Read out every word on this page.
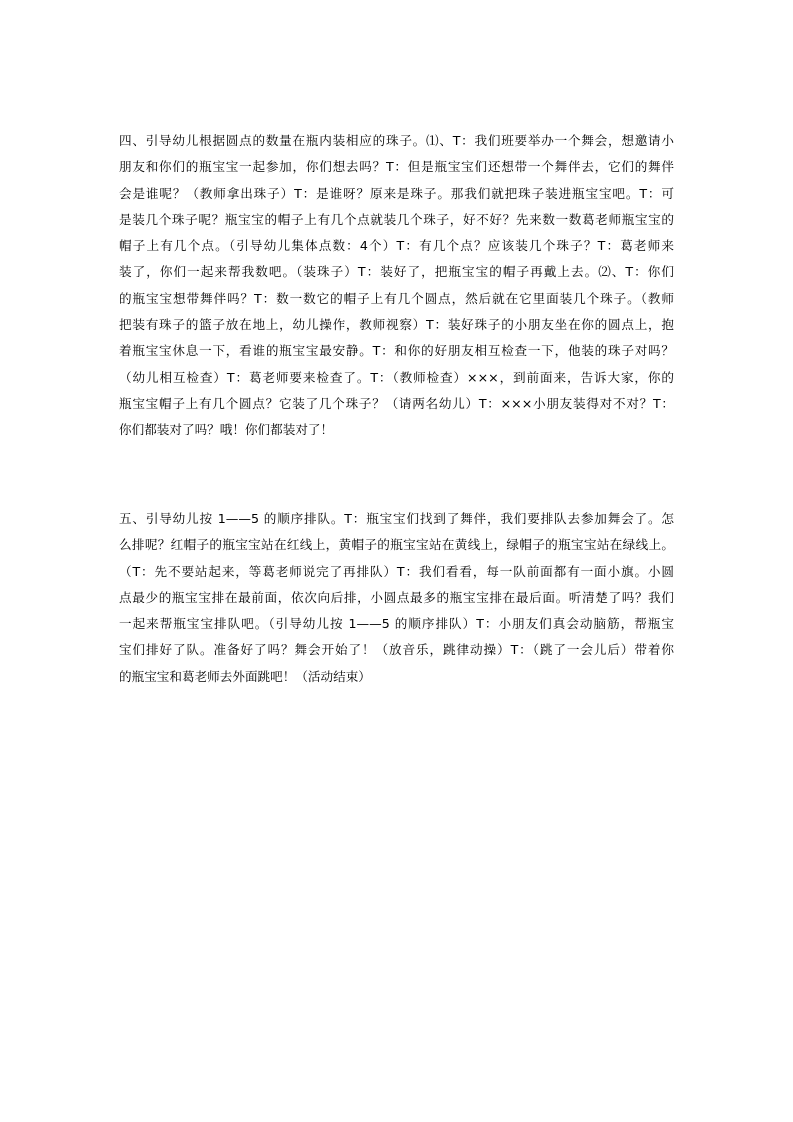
四、引导幼儿根据圆点的数量在瓶内装相应的珠子。⑴、T：我们班要举办一个舞会，想邀请小
朋友和你们的瓶宝宝一起参加，你们想去吗？T：但是瓶宝宝们还想带一个舞伴去，它们的舞伴
会是谁呢？（教师拿出珠子）T：是谁呀？原来是珠子。那我们就把珠子装进瓶宝宝吧。T：可
是装几个珠子呢？瓶宝宝的帽子上有几个点就装几个珠子，好不好？先来数一数葛老师瓶宝宝的
帽子上有几个点。（引导幼儿集体点数：4个）T：有几个点？应该装几个珠子？T：葛老师来
装了，你们一起来帮我数吧。（装珠子）T：装好了，把瓶宝宝的帽子再戴上去。⑵、T：你们
的瓶宝宝想带舞伴吗？T：数一数它的帽子上有几个圆点，然后就在它里面装几个珠子。（教师
把装有珠子的篮子放在地上，幼儿操作，教师视察）T：装好珠子的小朋友坐在你的圆点上，抱
着瓶宝宝休息一下，看谁的瓶宝宝最安静。T：和你的好朋友相互检查一下，他装的珠子对吗？
（幼儿相互检查）T：葛老师要来检查了。T：（教师检查）×××，到前面来，告诉大家，你的
瓶宝宝帽子上有几个圆点？它装了几个珠子？（请两名幼儿）T：×××小朋友装得对不对？T：
你们都装对了吗？哦！你们都装对了！
五、引导幼儿按 1——5 的顺序排队。T：瓶宝宝们找到了舞伴，我们要排队去参加舞会了。怎
么排呢？红帽子的瓶宝宝站在红线上，黄帽子的瓶宝宝站在黄线上，绿帽子的瓶宝宝站在绿线上。
（T：先不要站起来，等葛老师说完了再排队）T：我们看看，每一队前面都有一面小旗。小圆
点最少的瓶宝宝排在最前面，依次向后排，小圆点最多的瓶宝宝排在最后面。听清楚了吗？我们
一起来帮瓶宝宝排队吧。（引导幼儿按 1——5 的顺序排队）T：小朋友们真会动脑筋，帮瓶宝
宝们排好了队。准备好了吗？舞会开始了！（放音乐，跳律动操）T：（跳了一会儿后）带着你
的瓶宝宝和葛老师去外面跳吧！（活动结束）
